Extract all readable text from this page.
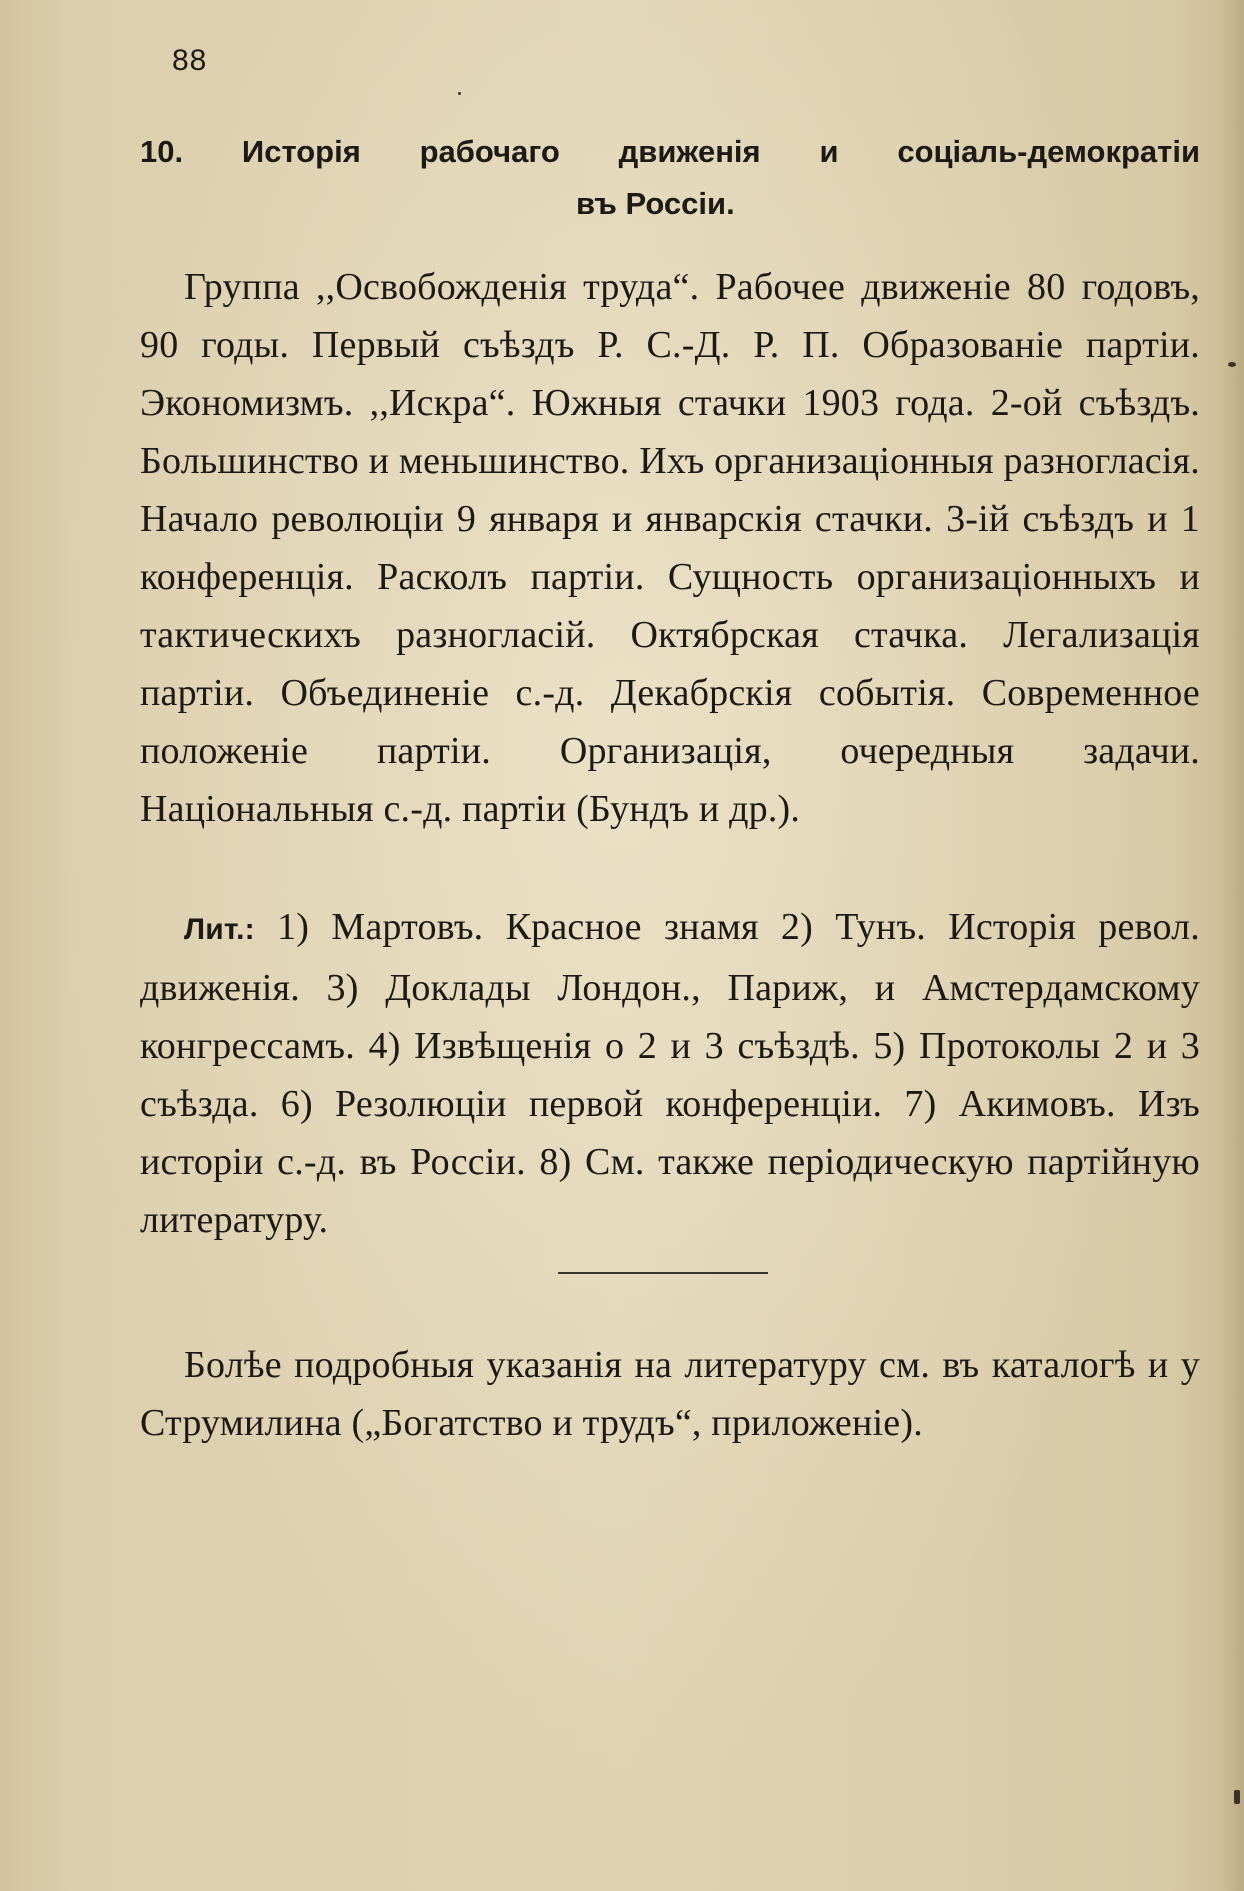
88
10. Исторія рабочаго движенія и соціаль-демократіи
въ Россіи.
Группа ,,Освобожденія труда“. Рабочее движеніе 80 годовъ, 90 годы. Первый съѣздъ Р. С.-Д. Р. П. Образованіе партіи. Экономизмъ. ,,Искра“. Южныя стачки 1903 года. 2-ой съѣздъ. Большинство и меньшинство. Ихъ организаціонныя разногласія. Начало революціи 9 января и январскія стачки. 3-ій съѣздъ и 1 конференція. Расколъ партіи. Сущность организаціонныхъ и тактическихъ разногласій. Октябрская стачка. Легализація партіи. Объединеніе с.-д. Декабрскія событія. Современное положеніе партіи. Организація, очередныя задачи. Національныя с.-д. партіи (Бундъ и др.).
Лит.: 1) Мартовъ. Красное знамя 2) Тунъ. Исторія револ. движенія. 3) Доклады Лондон., Париж, и Амстердамскому конгрессамъ. 4) Извѣщенія о 2 и 3 съѣздѣ. 5) Протоколы 2 и 3 съѣзда. 6) Резолюціи первой конференціи. 7) Акимовъ. Изъ исторіи с.-д. въ Россіи. 8) См. также періодическую партійную литературу.
Болѣе подробныя указанія на литературу см. въ каталогѣ и у Струмилина („Богатство и трудъ“, приложеніе).
